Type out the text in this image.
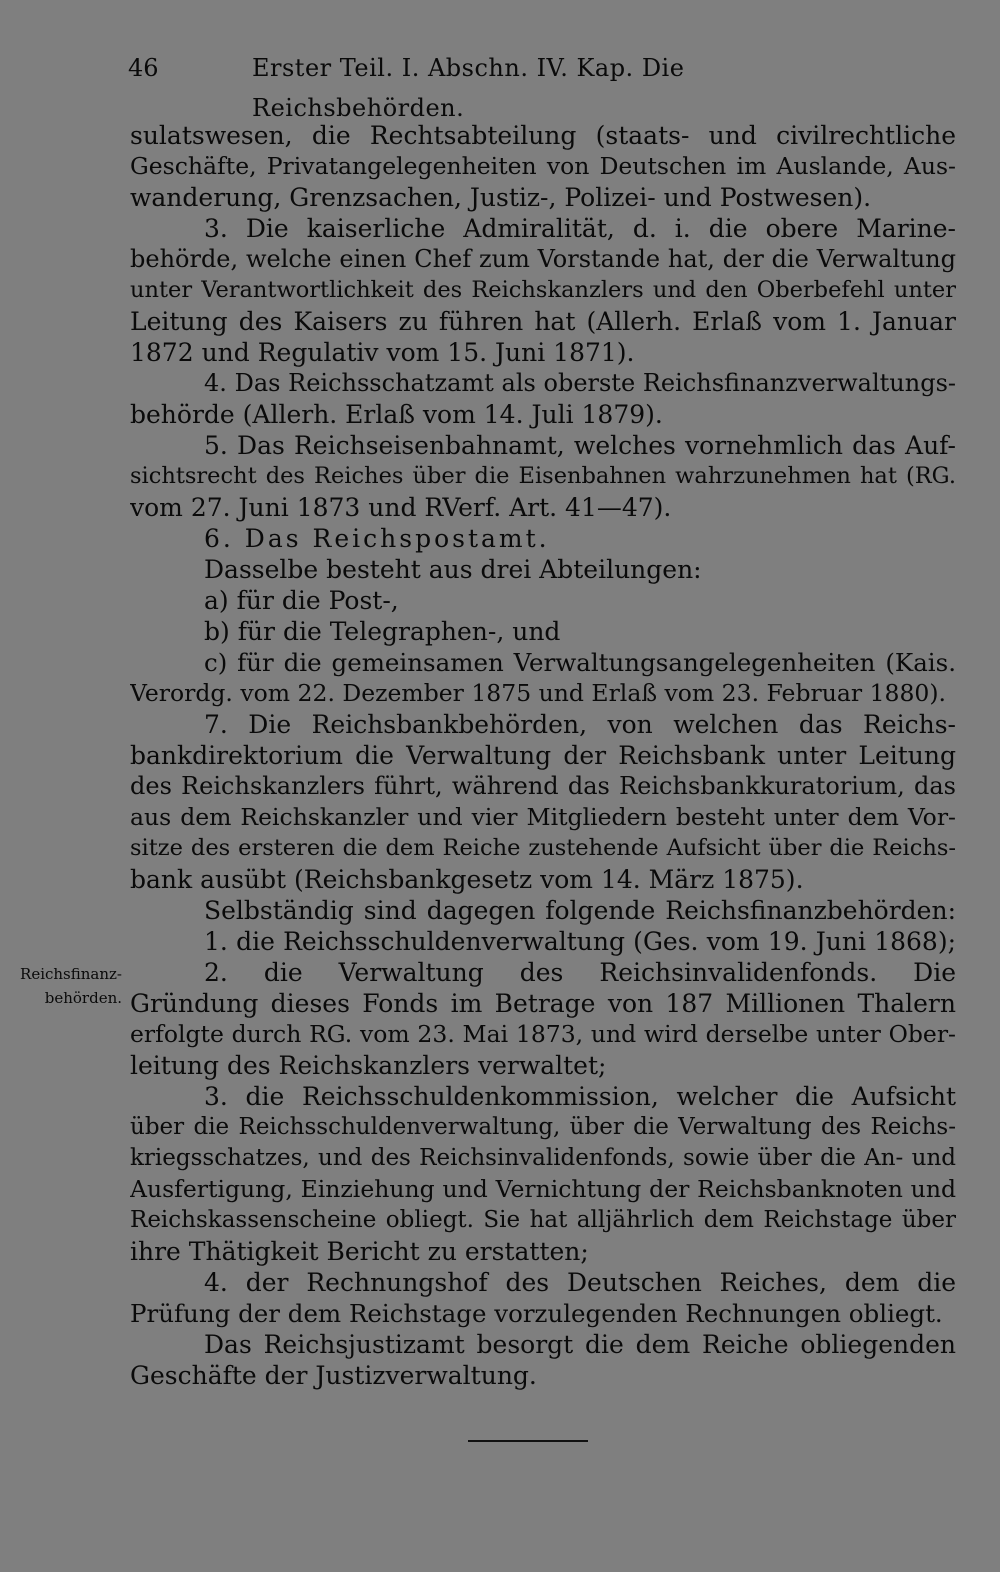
46	Erster Teil. I. Abschn. IV. Kap. Die Reichsbehörden.
Reichsfinanz-
behörden.
sulatswesen, die Rechtsabteilung (staats- und civilrechtliche
Geschäfte, Privatangelegenheiten von Deutschen im Auslande, Aus-
wanderung, Grenzsachen, Justiz-, Polizei- und Postwesen).
3. Die kaiserliche Admiralität, d. i. die obere Marine-
behörde, welche einen Chef zum Vorstande hat, der die Verwaltung
unter Verantwortlichkeit des Reichskanzlers und den Oberbefehl unter
Leitung des Kaisers zu führen hat (Allerh. Erlaß vom 1. Januar
1872 und Regulativ vom 15. Juni 1871).
4. Das Reichsschatzamt als oberste Reichsfinanzverwaltungs-
behörde (Allerh. Erlaß vom 14. Juli 1879).
5. Das Reichseisenbahnamt, welches vornehmlich das Auf-
sichtsrecht des Reiches über die Eisenbahnen wahrzunehmen hat (RG.
vom 27. Juni 1873 und RVerf. Art. 41—47).
6. Das Reichspostamt.
Dasselbe besteht aus drei Abteilungen:
a) für die Post-,
b) für die Telegraphen-, und
c) für die gemeinsamen Verwaltungsangelegenheiten (Kais.
Verordg. vom 22. Dezember 1875 und Erlaß vom 23. Februar 1880).
7. Die Reichsbankbehörden, von welchen das Reichs-
bankdirektorium die Verwaltung der Reichsbank unter Leitung
des Reichskanzlers führt, während das Reichsbankkuratorium, das
aus dem Reichskanzler und vier Mitgliedern besteht unter dem Vor-
sitze des ersteren die dem Reiche zustehende Aufsicht über die Reichs-
bank ausübt (Reichsbankgesetz vom 14. März 1875).
Selbständig sind dagegen folgende Reichsfinanzbehörden:
1. die Reichsschuldenverwaltung (Ges. vom 19. Juni 1868);
2. die Verwaltung des Reichsinvalidenfonds. Die
Gründung dieses Fonds im Betrage von 187 Millionen Thalern
erfolgte durch RG. vom 23. Mai 1873, und wird derselbe unter Ober-
leitung des Reichskanzlers verwaltet;
3. die Reichsschuldenkommission, welcher die Aufsicht
über die Reichsschuldenverwaltung, über die Verwaltung des Reichs-
kriegsschatzes, und des Reichsinvalidenfonds, sowie über die An- und
Ausfertigung, Einziehung und Vernichtung der Reichsbanknoten und
Reichskassenscheine obliegt. Sie hat alljährlich dem Reichstage über
ihre Thätigkeit Bericht zu erstatten;
4. der Rechnungshof des Deutschen Reiches, dem die
Prüfung der dem Reichstage vorzulegenden Rechnungen obliegt.
Das Reichsjustizamt besorgt die dem Reiche obliegenden
Geschäfte der Justizverwaltung.
